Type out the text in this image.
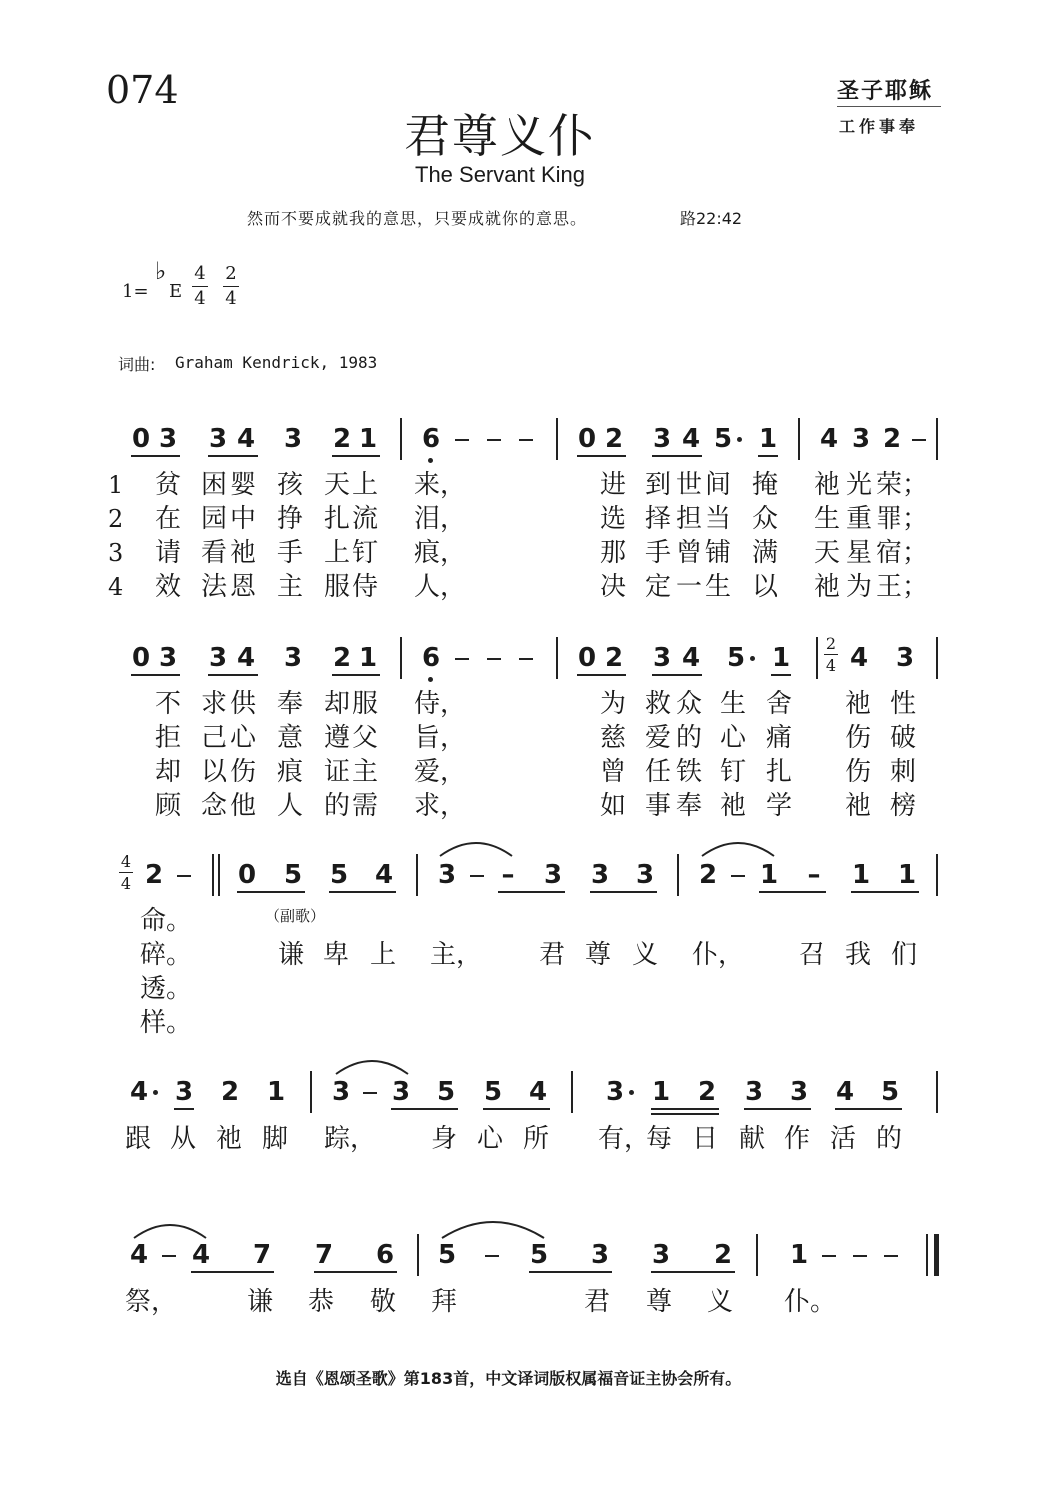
074
君尊义仆
The Servant King
圣子耶稣
工作事奉
然而不要成就我的意思，只要成就你的意思。	路22:42
1=
♭
E
4
4
2
4
词曲: Graham Kendrick, 1983
0 3 3 4 3 2 1 6	0 2 3 4 5 1 4 3 2
1
2
3
4
贫 困 婴 孩 天 上 来，	进 到 世 间 掩 祂 光 荣；
在 园 中 挣 扎 流 泪，	选 择 担 当 众 生 重 罪；
请 看 祂 手 上 钉 痕，	那 手 曾 铺 满 天 星 宿；
效 法 恩 主 服 侍 人，	决 定 一 生 以 祂 为 王；
0 3 3 4 3 2 1 6	0 2 3 4 5 1 2
4 4 3
不 求 供 奉 却 服 侍，	为 救 众 生 舍 祂 性
拒 己 心 意 遵 父 旨，	慈 爱 的 心 痛 伤 破
却 以 伤 痕 证 主 爱，	曾 任 铁 钉 扎 伤 刺
顾 念 他 人 的 需 求，	如 事 奉 祂 学 祂 榜
4
4 2	0 5 5 4 3 – 3 3 3 2 1 – 1 1
命。
碎。
透。
样。
（副歌）
谦 卑 上 主， 君 尊 义 仆， 召 我 们
4 3 2 1 3 3 5 5 4 3 1 2 3 3 4 5
跟 从 祂 脚 踪， 身 心 所 有，
每 日 献 作 活 的
4 4 7 7 6 5	5 3 3 2 1
祭，	谦 恭 敬 拜	君 尊 义 仆。
选自《恩颂圣歌》第183首，中文译词版权属福音证主协会所有。
